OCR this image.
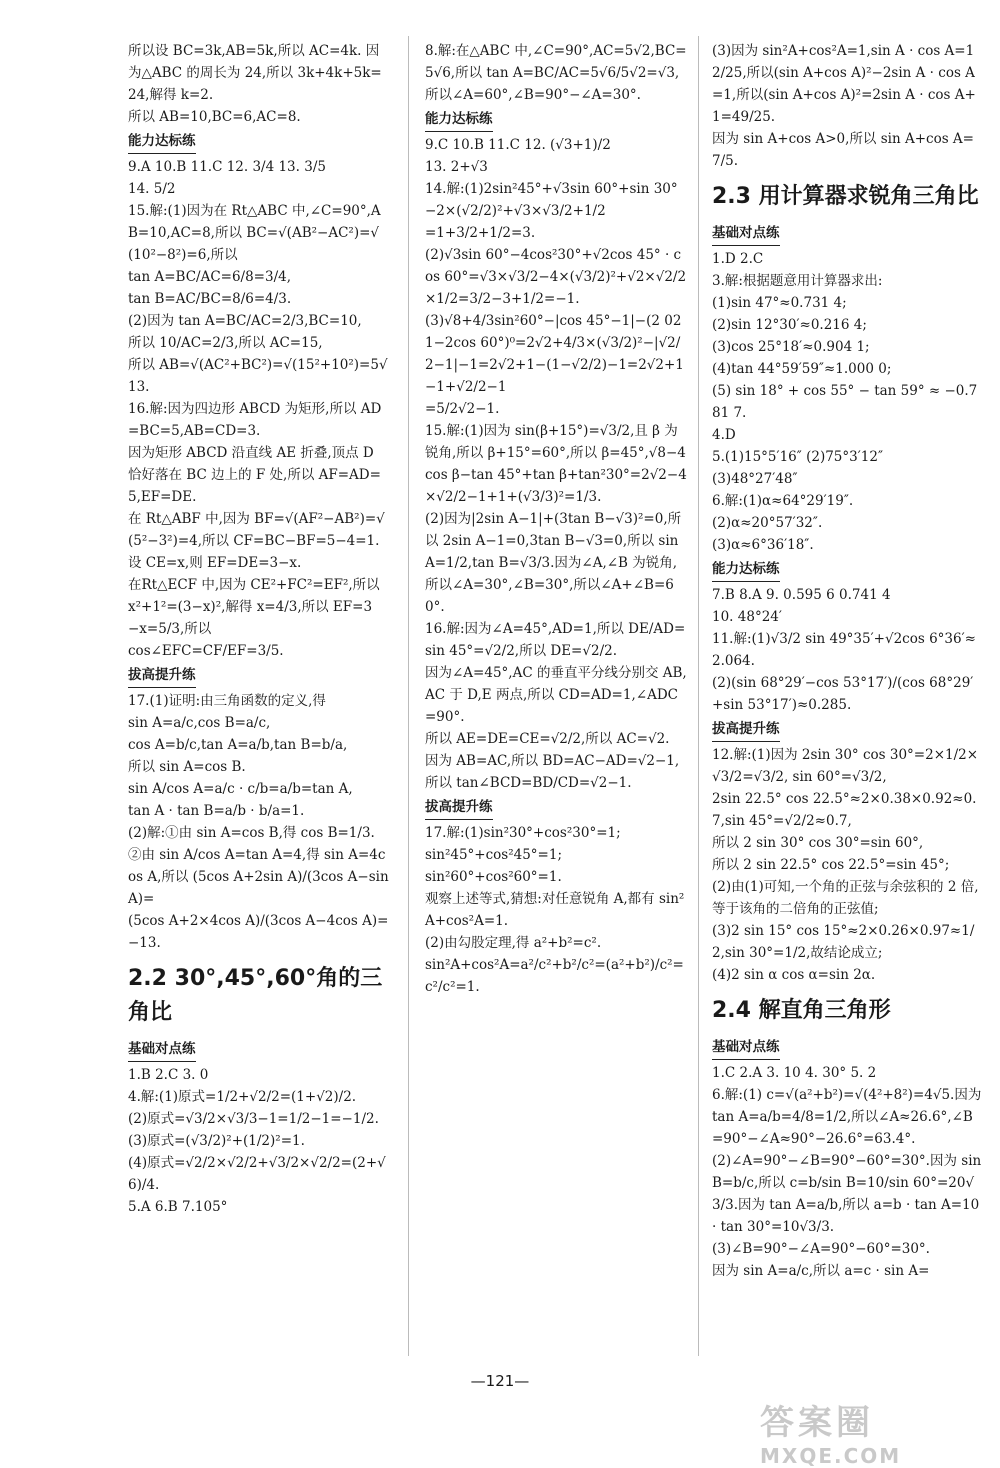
所以设 BC=3k,AB=5k,所以 AC=4k. 因为△ABC 的周长为 24,所以 3k+4k+5k=24,解得 k=2.
所以 AB=10,BC=6,AC=8.
能力达标练
9.A 10.B 11.C 12. 3/4 13. 3/5
14. 5/2
15.解:(1)因为在 Rt△ABC 中,∠C=90°,AB=10,AC=8,所以 BC=√(AB²−AC²)=√(10²−8²)=6,所以
tan A=BC/AC=6/8=3/4,
tan B=AC/BC=8/6=4/3.
(2)因为 tan A=BC/AC=2/3,BC=10,
所以 10/AC=2/3,所以 AC=15,
所以 AB=√(AC²+BC²)=√(15²+10²)=5√13.
16.解:因为四边形 ABCD 为矩形,所以 AD=BC=5,AB=CD=3.
因为矩形 ABCD 沿直线 AE 折叠,顶点 D 恰好落在 BC 边上的 F 处,所以 AF=AD=5,EF=DE.
在 Rt△ABF 中,因为 BF=√(AF²−AB²)=√(5²−3²)=4,所以 CF=BC−BF=5−4=1.
设 CE=x,则 EF=DE=3−x.
在Rt△ECF 中,因为 CE²+FC²=EF²,所以 x²+1²=(3−x)²,解得 x=4/3,所以 EF=3−x=5/3,所以
cos∠EFC=CF/EF=3/5.
拔高提升练
17.(1)证明:由三角函数的定义,得
sin A=a/c,cos B=a/c,
cos A=b/c,tan A=a/b,tan B=b/a,
所以 sin A=cos B.
sin A/cos A=a/c · c/b=a/b=tan A,
tan A · tan B=a/b · b/a=1.
(2)解:①由 sin A=cos B,得 cos B=1/3.
②由 sin A/cos A=tan A=4,得 sin A=4cos A,所以 (5cos A+2sin A)/(3cos A−sin A)=
(5cos A+2×4cos A)/(3cos A−4cos A)=−13.
2.2 30°,45°,60°角的三角比
基础对点练
1.B 2.C 3. 0
4.解:(1)原式=1/2+√2/2=(1+√2)/2.
(2)原式=√3/2×√3/3−1=1/2−1=−1/2.
(3)原式=(√3/2)²+(1/2)²=1.
(4)原式=√2/2×√2/2+√3/2×√2/2=(2+√6)/4.
5.A 6.B 7.105°
8.解:在△ABC 中,∠C=90°,AC=5√2,BC=5√6,所以 tan A=BC/AC=5√6/5√2=√3,所以∠A=60°,∠B=90°−∠A=30°.
能力达标练
9.C 10.B 11.C 12. (√3+1)/2
13. 2+√3
14.解:(1)2sin²45°+√3sin 60°+sin 30°−2×(√2/2)²+√3×√3/2+1/2
=1+3/2+1/2=3.
(2)√3sin 60°−4cos²30°+√2cos 45° · cos 60°=√3×√3/2−4×(√3/2)²+√2×√2/2×1/2=3/2−3+1/2=−1.
(3)√8+4/3sin²60°−|cos 45°−1|−(2 021−2cos 60°)⁰=2√2+4/3×(√3/2)²−|√2/2−1|−1=2√2+1−(1−√2/2)−1=2√2+1−1+√2/2−1
=5/2√2−1.
15.解:(1)因为 sin(β+15°)=√3/2,且 β 为锐角,所以 β+15°=60°,所以 β=45°,√8−4cos β−tan 45°+tan β+tan²30°=2√2−4×√2/2−1+1+(√3/3)²=1/3.
(2)因为|2sin A−1|+(3tan B−√3)²=0,所以 2sin A−1=0,3tan B−√3=0,所以 sin A=1/2,tan B=√3/3.因为∠A,∠B 为锐角,所以∠A=30°,∠B=30°,所以∠A+∠B=60°.
16.解:因为∠A=45°,AD=1,所以 DE/AD=sin 45°=√2/2,所以 DE=√2/2.
因为∠A=45°,AC 的垂直平分线分别交 AB,AC 于 D,E 两点,所以 CD=AD=1,∠ADC=90°.
所以 AE=DE=CE=√2/2,所以 AC=√2.
因为 AB=AC,所以 BD=AC−AD=√2−1,所以 tan∠BCD=BD/CD=√2−1.
拔高提升练
17.解:(1)sin²30°+cos²30°=1;
sin²45°+cos²45°=1;
sin²60°+cos²60°=1.
观察上述等式,猜想:对任意锐角 A,都有 sin²A+cos²A=1.
(2)由勾股定理,得 a²+b²=c².
sin²A+cos²A=a²/c²+b²/c²=(a²+b²)/c²=c²/c²=1.
(3)因为 sin²A+cos²A=1,sin A · cos A=12/25,所以(sin A+cos A)²−2sin A · cos A=1,所以(sin A+cos A)²=2sin A · cos A+1=49/25.
因为 sin A+cos A>0,所以 sin A+cos A=7/5.
2.3 用计算器求锐角三角比
基础对点练
1.D 2.C
3.解:根据题意用计算器求出:
(1)sin 47°≈0.731 4;
(2)sin 12°30′≈0.216 4;
(3)cos 25°18′≈0.904 1;
(4)tan 44°59′59″≈1.000 0;
(5) sin 18° + cos 55° − tan 59° ≈ −0.781 7.
4.D
5.(1)15°5′16″ (2)75°3′12″
(3)48°27′48″
6.解:(1)α≈64°29′19″.
(2)α≈20°57′32″.
(3)α≈6°36′18″.
能力达标练
7.B 8.A 9. 0.595 6 0.741 4
10. 48°24′
11.解:(1)√3/2 sin 49°35′+√2cos 6°36′≈2.064.
(2)(sin 68°29′−cos 53°17′)/(cos 68°29′+sin 53°17′)≈0.285.
拔高提升练
12.解:(1)因为 2sin 30° cos 30°=2×1/2×√3/2=√3/2, sin 60°=√3/2,
2sin 22.5° cos 22.5°≈2×0.38×0.92≈0.7,sin 45°=√2/2≈0.7,
所以 2 sin 30° cos 30°=sin 60°,
所以 2 sin 22.5° cos 22.5°=sin 45°;
(2)由(1)可知,一个角的正弦与余弦积的 2 倍,等于该角的二倍角的正弦值;
(3)2 sin 15° cos 15°≈2×0.26×0.97≈1/2,sin 30°=1/2,故结论成立;
(4)2 sin α cos α=sin 2α.
2.4 解直角三角形
基础对点练
1.C 2.A 3. 10 4. 30° 5. 2
6.解:(1) c=√(a²+b²)=√(4²+8²)=4√5.因为 tan A=a/b=4/8=1/2,所以∠A≈26.6°,∠B=90°−∠A≈90°−26.6°=63.4°.
(2)∠A=90°−∠B=90°−60°=30°.因为 sin B=b/c,所以 c=b/sin B=10/sin 60°=20√3/3.因为 tan A=a/b,所以 a=b · tan A=10 · tan 30°=10√3/3.
(3)∠B=90°−∠A=90°−60°=30°.
因为 sin A=a/c,所以 a=c · sin A=
—121—
答案圈
MXQE.COM
